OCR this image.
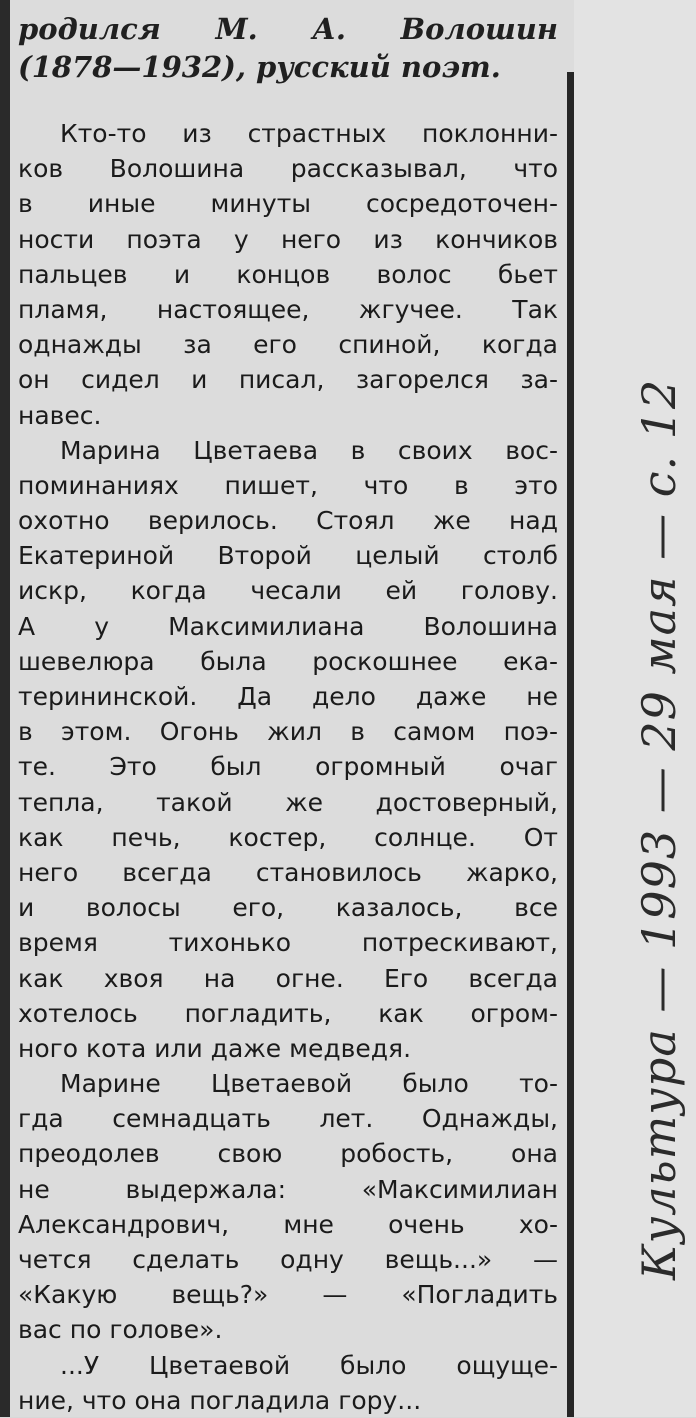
родился М. А. Волошин
(1878—1932), русский поэт.
Кто-то из страстных поклонни-
ков Волошина рассказывал, что
в иные минуты сосредоточен-
ности поэта у него из кончиков
пальцев и концов волос бьет
пламя, настоящее, жгучее. Так
однажды за его спиной, когда
он сидел и писал, загорелся за-
навес.
Марина Цветаева в своих вос-
поминаниях пишет, что в это
охотно верилось. Стоял же над
Екатериной Второй целый столб
искр, когда чесали ей голову.
А у Максимилиана Волошина
шевелюра была роскошнее ека-
терининской. Да дело даже не
в этом. Огонь жил в самом поэ-
те. Это был огромный очаг
тепла, такой же достоверный,
как печь, костер, солнце. От
него всегда становилось жарко,
и волосы его, казалось, все
время тихонько потрескивают,
как хвоя на огне. Его всегда
хотелось погладить, как огром-
ного кота или даже медведя.
Марине Цветаевой было то-
гда семнадцать лет. Однажды,
преодолев свою робость, она
не выдержала: «Максимилиан
Александрович, мне очень хо-
чется сделать одну вещь...» —
«Какую вещь?» — «Погладить
вас по голове».
...У Цветаевой было ощуще-
ние, что она погладила гору...
Культура — 1993 — 29 мая — с. 12
